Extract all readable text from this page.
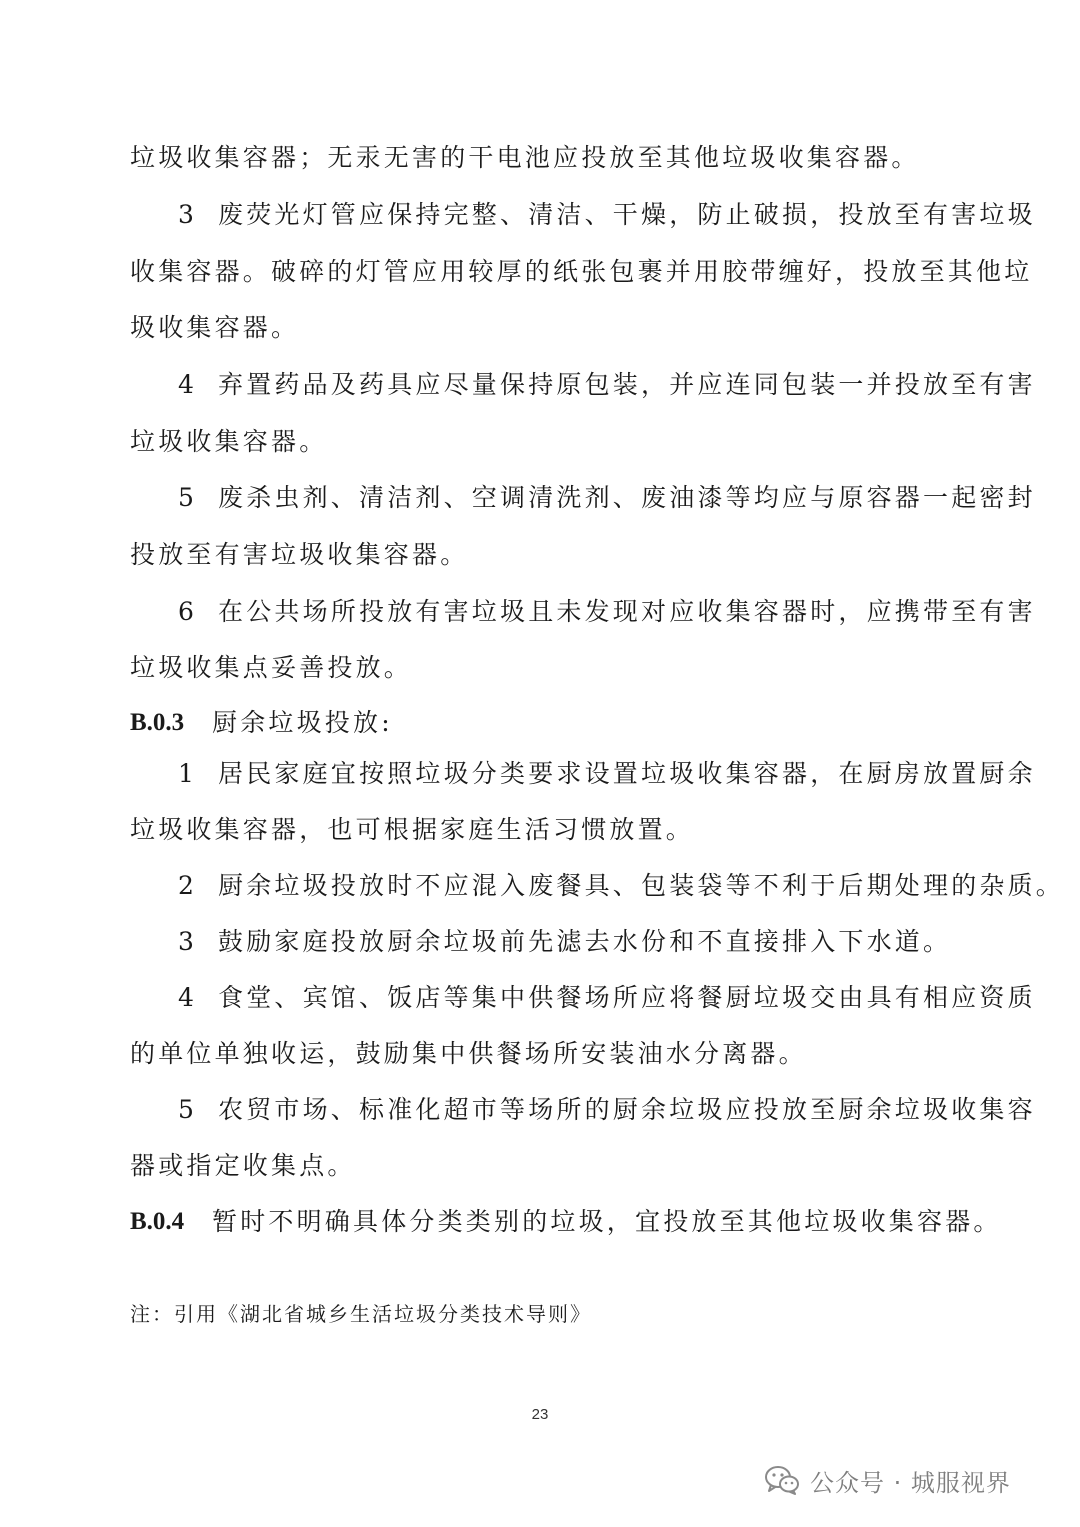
垃圾收集容器；无汞无害的干电池应投放至其他垃圾收集容器。
3 废荧光灯管应保持完整、清洁、干燥，防止破损，投放至有害垃圾
收集容器。破碎的灯管应用较厚的纸张包裹并用胶带缠好，投放至其他垃
圾收集容器。
4 弃置药品及药具应尽量保持原包装，并应连同包装一并投放至有害
垃圾收集容器。
5 废杀虫剂、清洁剂、空调清洗剂、废油漆等均应与原容器一起密封
投放至有害垃圾收集容器。
6 在公共场所投放有害垃圾且未发现对应收集容器时，应携带至有害
垃圾收集点妥善投放。
B.0.3 厨余垃圾投放:
1 居民家庭宜按照垃圾分类要求设置垃圾收集容器，在厨房放置厨余
垃圾收集容器，也可根据家庭生活习惯放置。
2 厨余垃圾投放时不应混入废餐具、包装袋等不利于后期处理的杂质。
3 鼓励家庭投放厨余垃圾前先滤去水份和不直接排入下水道。
4 食堂、宾馆、饭店等集中供餐场所应将餐厨垃圾交由具有相应资质
的单位单独收运，鼓励集中供餐场所安装油水分离器。
5 农贸市场、标准化超市等场所的厨余垃圾应投放至厨余垃圾收集容
器或指定收集点。
B.0.4 暂时不明确具体分类类别的垃圾，宜投放至其他垃圾收集容器。
注：引用《湖北省城乡生活垃圾分类技术导则》
23
公众号 · 城服视界
